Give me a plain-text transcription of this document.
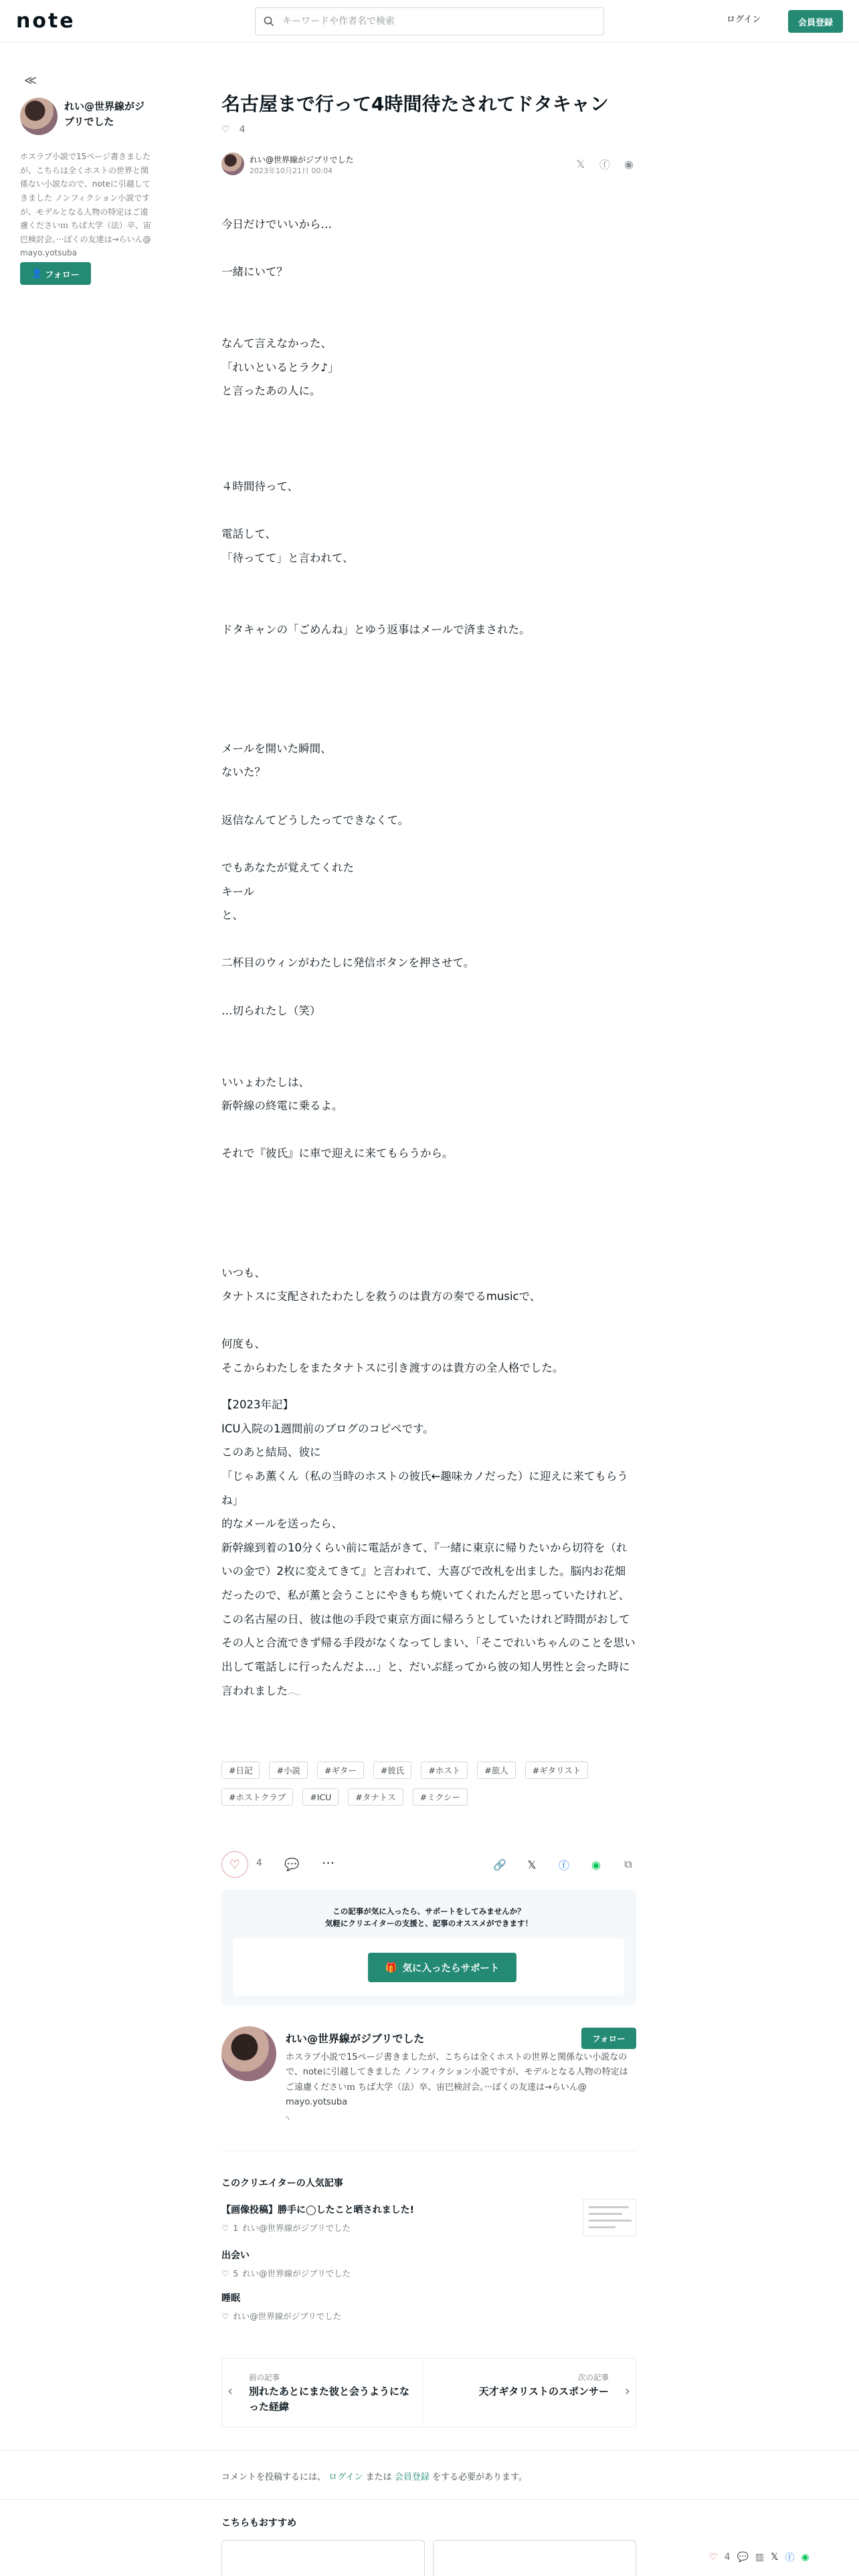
note
キーワードや作者名で検索	ログイン	会員登録
≪
れい@世界線がジブリでした
ホスラブ小説で15ページ書きましたが、こちらは全くホストの世界と関係ない小説なので、noteに引越してきました ノンフィクション小説ですが、モデルとなる人物の特定はご遠慮くださいｍ ちば大学（法）卒、宙巴検討会。···ぼくの友達は→らいん@ mayo.yotsuba
👤 フォロー
名古屋まで行って4時間待たされてドタキャン
♡ 4
れい@世界線がジブリでした
2023年10月21日 00:04
𝕏 ⓕ ◉
今日だけでいいから…

一緒にいて？

なんて言えなかった、
「れいといるとラク♪」
と言ったあの人に。

４時間待って、

電話して、
「待ってて」と言われて、

ドタキャンの「ごめんね」とゆう返事はメールで済まされた。

メールを開いた瞬間、
ないた？

返信なんてどうしたってできなくて。

でもあなたが覚えてくれた
キール
と、

二杯目のウィンがわたしに発信ボタンを押させて。

…切られたし（笑）

いいょわたしは、
新幹線の終電に乗るよ。

それで『彼氏』に車で迎えに来てもらうから。

いつも、
タナトスに支配されたわたしを救うのは貴方の奏でるmusicで、

何度も、
そこからわたしをまたタナトスに引き渡すのは貴方の全人格でした。
【2023年記】
ICU入院の1週間前のブログのコピペです。
このあと結局、彼に
「じゃあ薫くん（私の当時のホストの彼氏←趣味カノだった）に迎えに来てもらうね」
的なメールを送ったら、
新幹線到着の10分くらい前に電話がきて、『一緒に東京に帰りたいから切符を（れいの金で）2枚に変えてきて』と言われて、大喜びで改札を出ました。脳内お花畑だったので、私が薫と会うことにやきもち焼いてくれたんだと思っていたけれど、この名古屋の日、彼は他の手段で東京方面に帰ろうとしていたけれど時間がおしてその人と合流できず帰る手段がなくなってしまい、「そこでれいちゃんのことを思い出して電話しに行ったんだよ…」と、だいぶ経ってから彼の知人男性と会った時に言われました𓂃
#日記	#小説	#ギター	#彼氏	#ホスト	#旅人	#ギタリスト
#ホストクラブ	#ICU	#タナトス	#ミクシー
♡ 4 💬 ···	🔗	𝕏	ⓕ	◉	⧉
この記事が気に入ったら、サポートをしてみませんか？
気軽にクリエイターの支援と、記事のオススメができます！
🎁 気に入ったらサポート
れい@世界線がジブリでした	フォロー
ホスラブ小説で15ページ書きましたが、こちらは全くホストの世界と関係ない小説なので、noteに引越してきました ノンフィクション小説ですが、モデルとなる人物の特定はご遠慮くださいｍ ちば大学（法）卒、宙巴検討会。···ぼくの友達は→らいん@ mayo.yotsuba
◝
このクリエイターの人気記事
【画像投稿】勝手に◯したこと晒されました!
♡ 1 れい@世界線がジブリでした
出会い
♡ 5 れい@世界線がジブリでした
睡眠
♡ れい@世界線がジブリでした
‹
前の記事
別れたあとにまた彼と会うようになった経緯
次の記事
天才ギタリストのスポンサー ›
コメントを投稿するには、 ログイン または 会員登録 をする必要があります。
こちらもおすすめ
♡ 4 💬 ▥ 𝕏 ⓕ ◉
